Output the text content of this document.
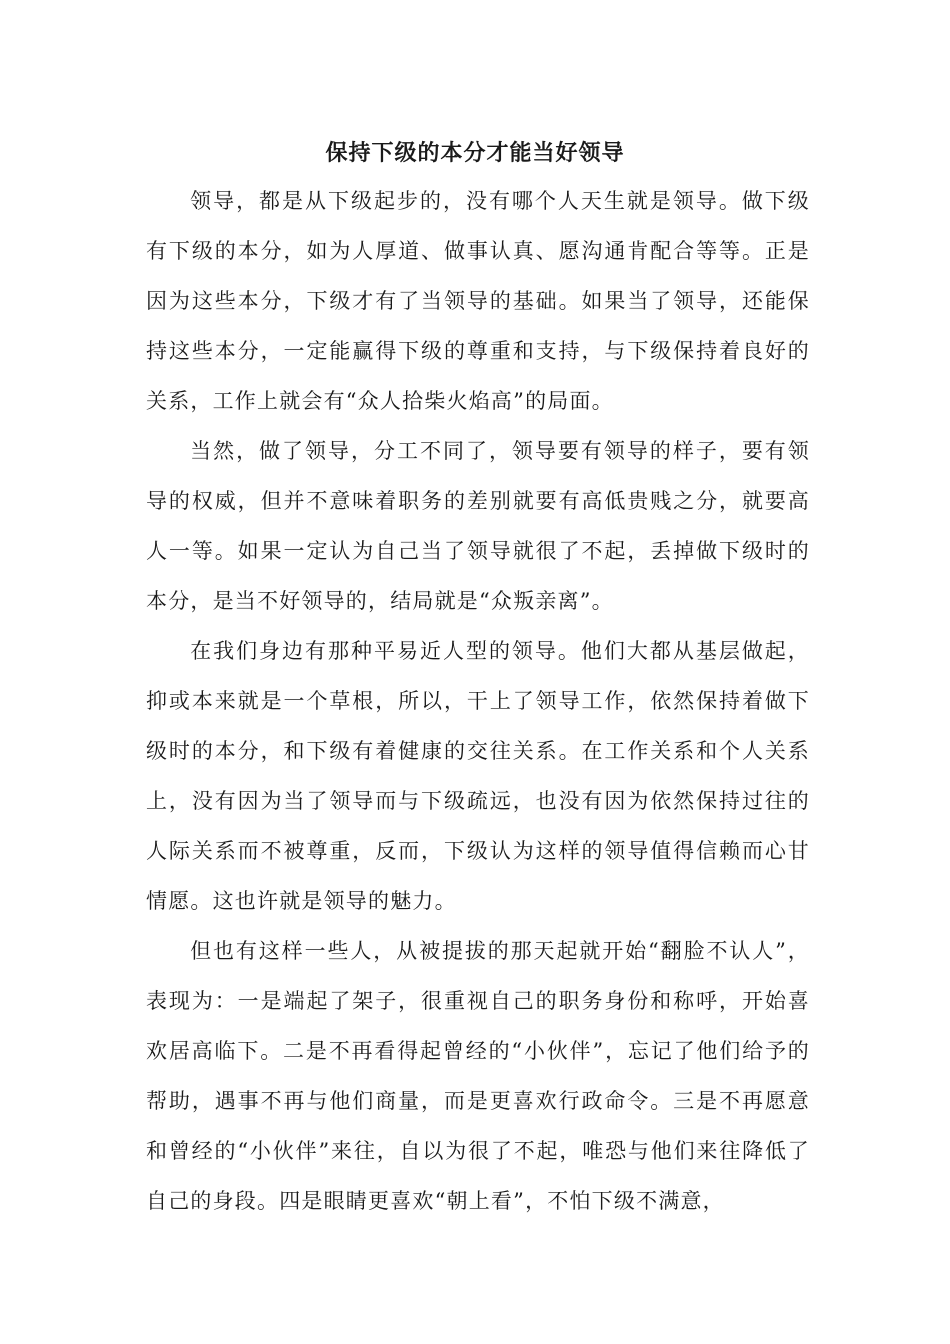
保持下级的本分才能当好领导

领导，都是从下级起步的，没有哪个人天生就是领导。做下级有下级的本分，如为人厚道、做事认真、愿沟通肯配合等等。正是因为这些本分，下级才有了当领导的基础。如果当了领导，还能保持这些本分，一定能赢得下级的尊重和支持，与下级保持着良好的关系，工作上就会有“众人拾柴火焰高”的局面。

当然，做了领导，分工不同了，领导要有领导的样子，要有领导的权威，但并不意味着职务的差别就要有高低贵贱之分，就要高人一等。如果一定认为自己当了领导就很了不起，丢掉做下级时的本分，是当不好领导的，结局就是“众叛亲离”。

在我们身边有那种平易近人型的领导。他们大都从基层做起，抑或本来就是一个草根，所以，干上了领导工作，依然保持着做下级时的本分，和下级有着健康的交往关系。在工作关系和个人关系上，没有因为当了领导而与下级疏远，也没有因为依然保持过往的人际关系而不被尊重，反而，下级认为这样的领导值得信赖而心甘情愿。这也许就是领导的魅力。

但也有这样一些人，从被提拔的那天起就开始“翻脸不认人”，表现为：一是端起了架子，很重视自己的职务身份和称呼，开始喜欢居高临下。二是不再看得起曾经的“小伙伴”，忘记了他们给予的帮助，遇事不再与他们商量，而是更喜欢行政命令。三是不再愿意和曾经的“小伙伴”来往，自以为很了不起，唯恐与他们来往降低了自己的身段。四是眼睛更喜欢“朝上看”，不怕下级不满意，
